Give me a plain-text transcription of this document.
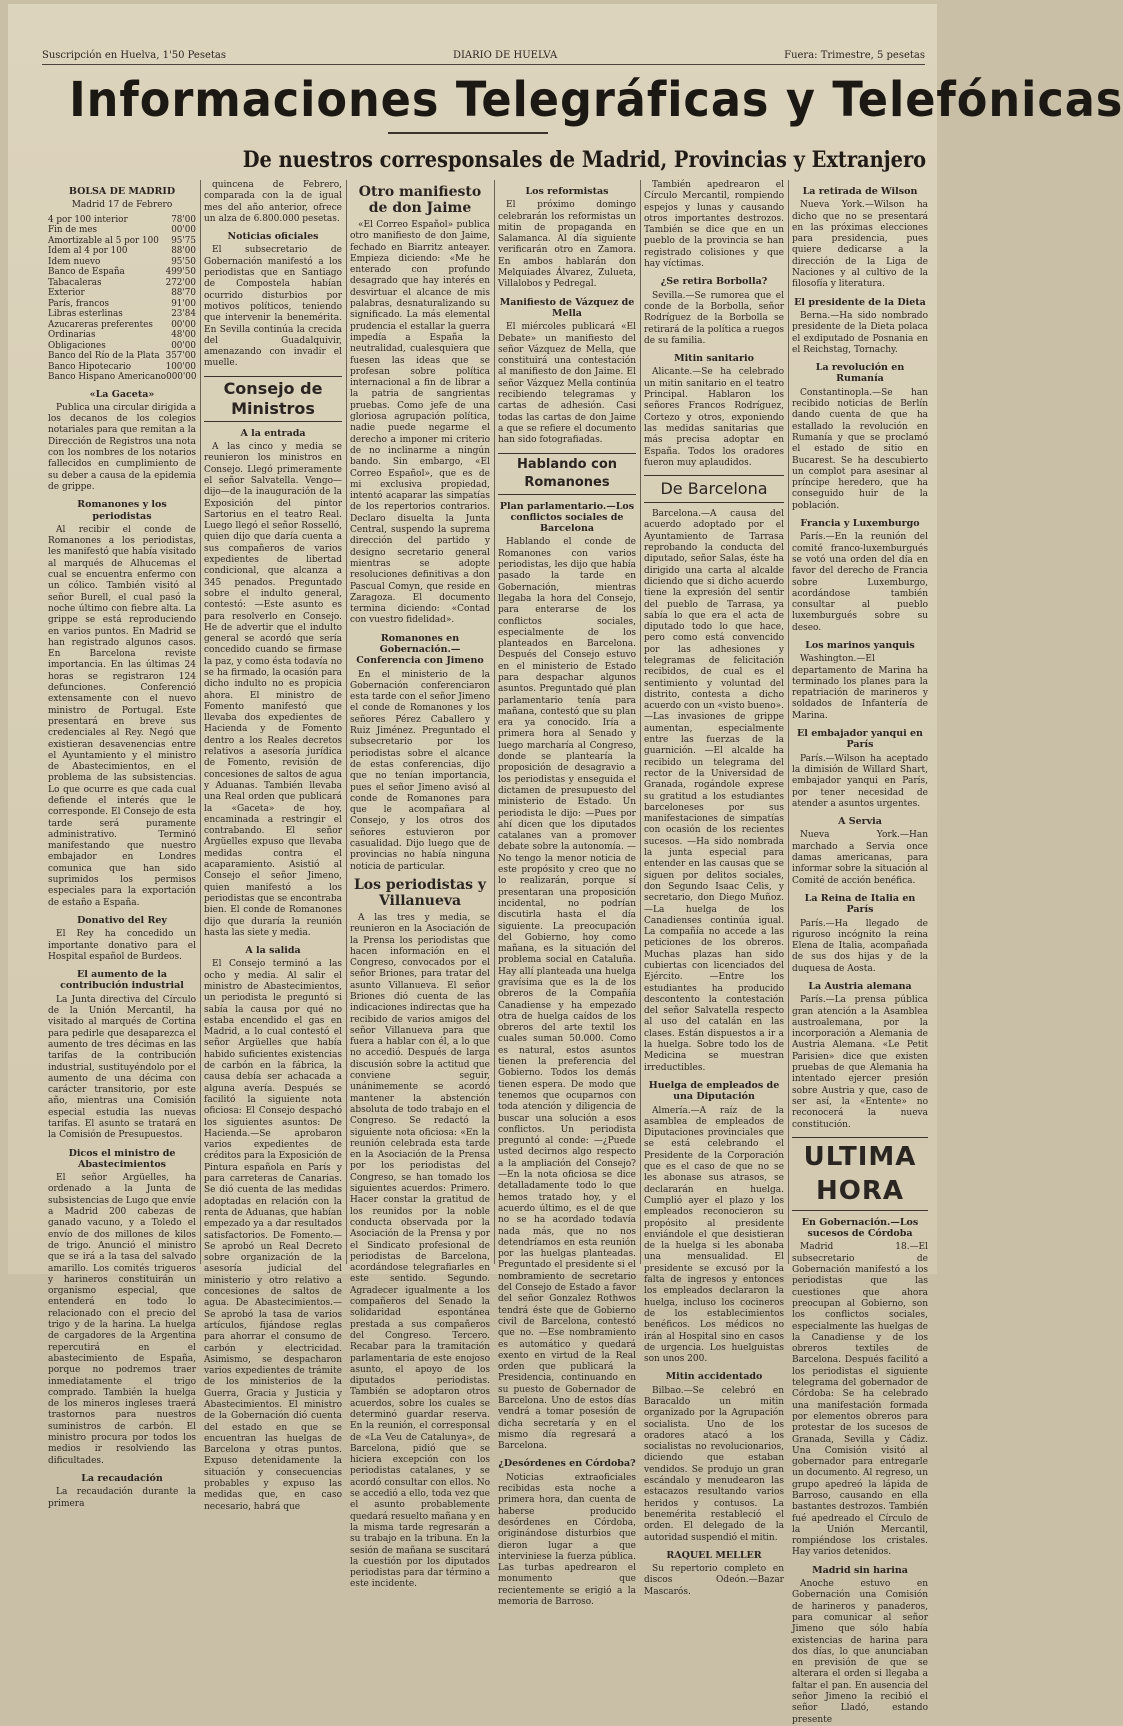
Suscripción en Huelva, 1'50 Pesetas	DIARIO DE HUELVA	Fuera: Trimestre, 5 pesetas
Informaciones Telegráficas y Telefónicas
De nuestros corresponsales de Madrid, Provincias y Extranjero
BOLSA DE MADRID
Madrid 17 de Febrero
4 por 100 interior	78'00
Fin de mes	00'00
Amortizable al 5 por 100	95'75
Idem al 4 por 100	88'00
Idem nuevo	95'50
Banco de España	499'50
Tabacaleras	272'00
Exterior	88'70
París, francos	91'00
Libras esterlinas	23'84
Azucareras preferentes	00'00
Ordinarias	48'00
Obligaciones	00'00
Banco del Río de la Plata 357'00
Banco Hipotecario	100'00
Banco Hispano Americano 000'00
«La Gaceta»

Publica una circular dirigida a los decanos de los colegios notariales para que remitan a la Dirección de Registros una nota con los nombres de los notarios fallecidos en cumplimiento de su deber a causa de la epidemia de grippe.

Romanones y los periodistas

Al recibir el conde de Romanones a los periodistas, les manifestó que había visitado al marqués de Alhucemas el cual se encuentra enfermo con un cólico. También visitó al señor Burell, el cual pasó la noche último con fiebre alta. La grippe se está reproduciendo en varios puntos. En Madrid se han registrado algunos casos. En Barcelona reviste importancia. En las últimas 24 horas se registraron 124 defunciones. Conferenció extensamente con el nuevo ministro de Portugal. Este presentará en breve sus credenciales al Rey. Negó que existieran desavenencias entre el Ayuntamiento y el ministro de Abastecimientos, en el problema de las subsistencias. Lo que ocurre es que cada cual defiende el interés que le corresponde. El Consejo de esta tarde será puramente administrativo. Terminó manifestando que nuestro embajador en Londres comunica que han sido suprimidos los permisos especiales para la exportación de estaño a España.

Donativo del Rey

El Rey ha concedido un importante donativo para el Hospital español de Burdeos.

El aumento de la contribución industrial

La Junta directiva del Círculo de la Unión Mercantil, ha visitado al marqués de Cortina para pedirle que desaparezca el aumento de tres décimas en las tarifas de la contribución industrial, sustituyéndolo por el aumento de una décima con carácter transitorio, por este año, mientras una Comisión especial estudia las nuevas tarifas. El asunto se tratará en la Comisión de Presupuestos.

Dicos el ministro de Abastecimientos

El señor Argüelles, ha ordenado a la Junta de subsistencias de Lugo que envíe a Madrid 200 cabezas de ganado vacuno, y a Toledo el envío de dos millones de kilos de trigo. Anunció el ministro que se irá a la tasa del salvado amarillo. Los comités trigueros y harineros constituirán un organismo especial, que entenderá en todo lo relacionado con el precio del trigo y de la harina. La huelga de cargadores de la Argentina repercutirá en el abastecimiento de España, porque no podremos traer inmediatamente el trigo comprado. También la huelga de los mineros ingleses traerá trastornos para nuestros suministros de carbón. El ministro procura por todos los medios ir resolviendo las dificultades.

La recaudación

La recaudación durante la primera

quincena de Febrero, comparada con la de igual mes del año anterior, ofrece un alza de 6.800.000 pesetas.

Noticias oficiales

El subsecretario de Gobernación manifestó a los periodistas que en Santiago de Compostela habían ocurrido disturbios por motivos políticos, teniendo que intervenir la benemérita. En Sevilla continúa la crecida del Guadalquivir, amenazando con invadir el muelle.

Consejo de Ministros
A la entrada

A las cinco y media se reunieron los ministros en Consejo. Llegó primeramente el señor Salvatella. Vengo—dijo—de la inauguración de la Exposición del pintor Sartorius en el teatro Real. Luego llegó el señor Rosselló, quien dijo que daría cuenta a sus compañeros de varios expedientes de libertad condicional, que alcanza a 345 penados. Preguntado sobre el indulto general, contestó: —Este asunto es para resolverlo en Consejo. He de advertir que el indulto general se acordó que sería concedido cuando se firmase la paz, y como ésta todavía no se ha firmado, la ocasión para dicho indulto no es propicia ahora. El ministro de Fomento manifestó que llevaba dos expedientes de Hacienda y de Fomento dentro a los Reales decretos relativos a asesoría jurídica de Fomento, revisión de concesiones de saltos de agua y Aduanas. También llevaba una Real orden que publicará la «Gaceta» de hoy, encaminada a restringir el contrabando. El señor Argüelles expuso que llevaba medidas contra el acaparamiento. Asistió al Consejo el señor Jimeno, quien manifestó a los periodistas que se encontraba bien. El conde de Romanones dijo que duraría la reunión hasta las siete y media.

A la salida

El Consejo terminó a las ocho y media. Al salir el ministro de Abastecimientos, un periodista le preguntó si sabía la causa por qué no estaba encendido el gas en Madrid, a lo cual contestó el señor Argüelles que había habido suficientes existencias de carbón en la fábrica, la causa debía ser achacada a alguna avería. Después se facilitó la siguiente nota oficiosa: El Consejo despachó los siguientes asuntos: De Hacienda.—Se aprobaron varios expedientes de créditos para la Exposición de Pintura española en París y para carreteras de Canarias. Se dió cuenta de las medidas adoptadas en relación con la renta de Aduanas, que habían empezado ya a dar resultados satisfactorios. De Fomento.—Se aprobó un Real Decreto sobre organización de la asesoría judicial del ministerio y otro relativo a concesiones de saltos de agua. De Abastecimientos.—Se aprobó la tasa de varios artículos, fijándose reglas para ahorrar el consumo de carbón y electricidad. Asimismo, se despacharon varios expedientes de trámite de los ministerios de la Guerra, Gracia y Justicia y Abastecimientos. El ministro de la Gobernación dió cuenta del estado en que se encuentran las huelgas de Barcelona y otras puntos. Expuso detenidamente la situación y consecuencias probables y expuso las medidas que, en caso necesario, habrá que

Otro manifiesto de don Jaime

«El Correo Español» publica otro manifiesto de don Jaime, fechado en Biarritz anteayer. Empieza diciendo: «Me he enterado con profundo desagrado que hay interés en desvirtuar el alcance de mis palabras, desnaturalizando su significado. La más elemental prudencia el estallar la guerra impedía a España la neutralidad, cualesquiera que fuesen las ideas que se profesan sobre política internacional a fin de librar a la patria de sangrientas pruebas. Como jefe de una gloriosa agrupación política, nadie puede negarme el derecho a imponer mi criterio de no inclinarme a ningún bando. Sin embargo, «El Correo Español», que es de mi exclusiva propiedad, intentó acaparar las simpatías de los repertorios contrarios. Declaro disuelta la Junta Central, suspendo la suprema dirección del partido y designo secretario general mientras se adopte resoluciones definitivas a don Pascual Comyn, que reside en Zaragoza. El documento termina diciendo: «Contad con vuestro fidelidad».

Romanones en Gobernación.—Conferencia con Jimeno

En el ministerio de la Gobernación conferenciaron esta tarde con el señor Jimeno el conde de Romanones y los señores Pérez Caballero y Ruiz Jiménez. Preguntado el subsecretario por los periodistas sobre el alcance de estas conferencias, dijo que no tenían importancia, pues el señor Jimeno avisó al conde de Romanones para que le acompañara al Consejo, y los otros dos señores estuvieron por casualidad. Dijo luego que de provincias no había ninguna noticia de particular.

Los periodistas y Villanueva

A las tres y media, se reunieron en la Asociación de la Prensa los periodistas que hacen información en el Congreso, convocados por el señor Briones, para tratar del asunto Villanueva. El señor Briones dió cuenta de las indicaciones indirectas que ha recibido de varios amigos del señor Villanueva para que fuera a hablar con él, a lo que no accedió. Después de larga discusión sobre la actitud que conviene seguir, unánimemente se acordó mantener la abstención absoluta de todo trabajo en el Congreso. Se redactó la siguiente nota oficiosa: «En la reunión celebrada esta tarde en la Asociación de la Prensa por los periodistas del Congreso, se han tomado los siguientes acuerdos: Primero. Hacer constar la gratitud de los reunidos por la noble conducta observada por la Asociación de la Prensa y por el Sindicato profesional de periodistas de Barcelona, acordándose telegrafiarles en este sentido. Segundo. Agradecer igualmente a los compañeros del Senado la solidaridad espontánea prestada a sus compañeros del Congreso. Tercero. Recabar para la tramitación parlamentaria de este enojoso asunto, el apoyo de los diputados periodistas. También se adoptaron otros acuerdos, sobre los cuales se determinó guardar reserva. En la reunión, el corresponsal de «La Veu de Catalunya», de Barcelona, pidió que se hiciera excepción con los periodistas catalanes, y se acordó consultar con ellos. No se accedió a ello, toda vez que el asunto probablemente quedará resuelto mañana y en la misma tarde regresarán a su trabajo en la tribuna. En la sesión de mañana se suscitará la cuestión por los diputados periodistas para dar término a este incidente.

Los reformistas

El próximo domingo celebrarán los reformistas un mitin de propaganda en Salamanca. Al día siguiente verificarán otro en Zamora. En ambos hablarán don Melquiades Álvarez, Zulueta, Villalobos y Pedregal.

Manifiesto de Vázquez de Mella

El miércoles publicará «El Debate» un manifiesto del señor Vázquez de Mella, que constituirá una contestación al manifiesto de don Jaime. El señor Vázquez Mella continúa recibiendo telegramas y cartas de adhesión. Casi todas las cartas de don Jaime a que se refiere el documento han sido fotografiadas.

Hablando con Romanones
Plan parlamentario.—Los conflictos sociales de Barcelona

Hablando el conde de Romanones con varios periodistas, les dijo que había pasado la tarde en Gobernación, mientras llegaba la hora del Consejo, para enterarse de los conflictos sociales, especialmente de los planteados en Barcelona. Después del Consejo estuvo en el ministerio de Estado para despachar algunos asuntos. Preguntado qué plan parlamentario tenía para mañana, contestó que su plan era ya conocido. Iría a primera hora al Senado y luego marcharía al Congreso, donde se plantearía la proposición de desagravio a los periodistas y enseguida el dictamen de presupuesto del ministerio de Estado. Un periodista le dijo: —Pues por ahí dicen que los diputados catalanes van a promover debate sobre la autonomía. —No tengo la menor noticia de este propósito y creo que no lo realizarán, porque sí presentaran una proposición incidental, no podrían discutirla hasta el día siguiente. La preocupación del Gobierno, hoy como mañana, es la situación del problema social en Cataluña. Hay allí planteada una huelga gravísima que es la de los obreros de la Compañía Canadiense y ha empezado otra de huelga caídos de los obreros del arte textil los cuales suman 50.000. Como es natural, estos asuntos tienen la preferencia del Gobierno. Todos los demás tienen espera. De modo que tenemos que ocuparnos con toda atención y diligencia de buscar una solución a esos conflictos. Un periodista preguntó al conde: —¿Puede usted decirnos algo respecto a la ampliación del Consejo? —En la nota oficiosa se dice detalladamente todo lo que hemos tratado hoy, y el acuerdo último, es el de que no se ha acordado todavía nada más, que no nos detendríamos en esta reunión por las huelgas planteadas. Preguntado el presidente si el nombramiento de secretario del Consejo de Estado a favor del señor Gonzalez Rothwos tendrá éste que de Gobierno civil de Barcelona, contestó que no. —Ese nombramiento es automático y quedará exento en virtud de la Real orden que publicará la Presidencia, continuando en su puesto de Gobernador de Barcelona. Uno de estos días vendrá a tomar posesión de dicha secretaría y en el mismo día regresará a Barcelona.

¿Desórdenes en Córdoba?

Noticias extraoficiales recibidas esta noche a primera hora, dan cuenta de haberse producido desórdenes en Córdoba, originándose disturbios que dieron lugar a que interviniese la fuerza pública. Las turbas apedrearon el monumento que recientemente se erigió a la memoria de Barroso.

También apedrearon el Círculo Mercantil, rompiendo espejos y lunas y causando otros importantes destrozos. También se dice que en un pueblo de la provincia se han registrado colisiones y que hay víctimas.

¿Se retira Borbolla?

Sevilla.—Se rumorea que el conde de la Borbolla, señor Rodríguez de la Borbolla se retirará de la política a ruegos de su familia.

Mitin sanitario

Alicante.—Se ha celebrado un mitin sanitario en el teatro Principal. Hablaron los señores Francos Rodríguez, Cortezo y otros, exponiendo las medidas sanitarias que más precisa adoptar en España. Todos los oradores fueron muy aplaudidos.

De Barcelona

Barcelona.—A causa del acuerdo adoptado por el Ayuntamiento de Tarrasa reprobando la conducta del diputado, señor Salas, éste ha dirigido una carta al alcalde diciendo que si dicho acuerdo tiene la expresión del sentir del pueblo de Tarrasa, ya sabía lo que era el acta de diputado todo lo que hace, pero como está convencido por las adhesiones y telegramas de felicitación recibidos, de cual es el sentimiento y voluntad del distrito, contesta a dicho acuerdo con un «visto bueno». —Las invasiones de grippe aumentan, especialmente entre las fuerzas de la guarnición. —El alcalde ha recibido un telegrama del rector de la Universidad de Granada, rogándole exprese su gratitud a los estudiantes barceloneses por sus manifestaciones de simpatías con ocasión de los recientes sucesos. —Ha sido nombrada la junta especial para entender en las causas que se siguen por delitos sociales, don Segundo Isaac Celis, y secretario, don Diego Muñoz. —La huelga de los Canadienses continúa igual. La compañía no accede a las peticiones de los obreros. Muchas plazas han sido cubiertas con licenciados del Ejército. —Entre los estudiantes ha producido descontento la contestación del señor Salvatella respecto al uso del catalán en las clases. Están dispuestos a ir a la huelga. Sobre todo los de Medicina se muestran irreductibles.

Huelga de empleados de una Diputación

Almería.—A raíz de la asamblea de empleados de Diputaciones provinciales que se está celebrando el Presidente de la Corporación que es el caso de que no se les abonase sus atrasos, se declararán en huelga. Cumplió ayer el plazo y los empleados reconocieron su propósito al presidente enviándole el que desistieran de la huelga si les abonaba una mensualidad. El presidente se excusó por la falta de ingresos y entonces los empleados declararon la huelga, incluso los cocineros de los establecimientos benéficos. Los médicos no irán al Hospital sino en casos de urgencia. Los huelguistas son unos 200.

Mitin accidentado

Bilbao.—Se celebró en Baracaldo un mitin organizado por la Agrupación socialista. Uno de los oradores atacó a los socialistas no revolucionarios, diciendo que estaban vendidos. Se produjo un gran escándalo y menudearon las estacazos resultando varios heridos y contusos. La benemérita restableció el orden. El delegado de la autoridad suspendió el mitin.

RAQUEL MELLER

Su repertorio completo en discos Odeón.—Bazar Mascarós.

La retirada de Wilson

Nueva York.—Wilson ha dicho que no se presentará en las próximas elecciones para presidencia, pues quiere dedicarse a la dirección de la Liga de Naciones y al cultivo de la filosofía y literatura.

El presidente de la Dieta

Berna.—Ha sido nombrado presidente de la Dieta polaca el exdiputado de Posnania en el Reichstag, Tornachy.

La revolución en Rumanía

Constantinopla.—Se han recibido noticias de Berlín dando cuenta de que ha estallado la revolución en Rumanía y que se proclamó el estado de sitio en Bucarest. Se ha descubierto un complot para asesinar al príncipe heredero, que ha conseguido huir de la población.

Francia y Luxemburgo

París.—En la reunión del comité franco-luxemburgués se votó una orden del día en favor del derecho de Francia sobre Luxemburgo, acordándose también consultar al pueblo luxemburgués sobre su deseo.

Los marinos yanquis

Washington.—El departamento de Marina ha terminado los planes para la repatriación de marineros y soldados de Infantería de Marina.

El embajador yanqui en París

París.—Wilson ha aceptado la dimisión de Willard Shart, embajador yanqui en París, por tener necesidad de atender a asuntos urgentes.

A Servia

Nueva York.—Han marchado a Servia once damas americanas, para informar sobre la situación al Comité de acción benéfica.

La Reina de Italia en París

París.—Ha llegado de riguroso incógnito la reina Elena de Italia, acompañada de sus dos hijas y de la duquesa de Aosta.

La Austria alemana

París.—La prensa pública gran atención a la Asamblea austroalemana, por la incorporación a Alemania de Austria Alemana. «Le Petit Parisien» dice que existen pruebas de que Alemania ha intentado ejercer presión sobre Austria y que, caso de ser así, la «Entente» no reconocerá la nueva constitución.

ULTIMA HORA
En Gobernación.—Los sucesos de Córdoba

Madrid 18.—El subsecretario de Gobernación manifestó a los periodistas que las cuestiones que ahora preocupan al Gobierno, son los conflictos sociales, especialmente las huelgas de la Canadiense y de los obreros textiles de Barcelona. Después facilitó a los periodistas el siguiente telegrama del gobernador de Córdoba: Se ha celebrado una manifestación formada por elementos obreros para protestar de los sucesos de Granada, Sevilla y Cádiz. Una Comisión visitó al gobernador para entregarle un documento. Al regreso, un grupo apedreó la lápida de Barroso, causando en ella bastantes destrozos. También fué apedreado el Círculo de la Unión Mercantil, rompiéndose los cristales. Hay varios detenidos.

Madrid sin harina

Anoche estuvo en Gobernación una Comisión de harineros y panaderos, para comunicar al señor Jimeno que sólo había existencias de harina para dos días, lo que anunciaban en previsión de que se alterara el orden si llegaba a faltar el pan. En ausencia del señor Jimeno la recibió el señor Lladó, estando presente
